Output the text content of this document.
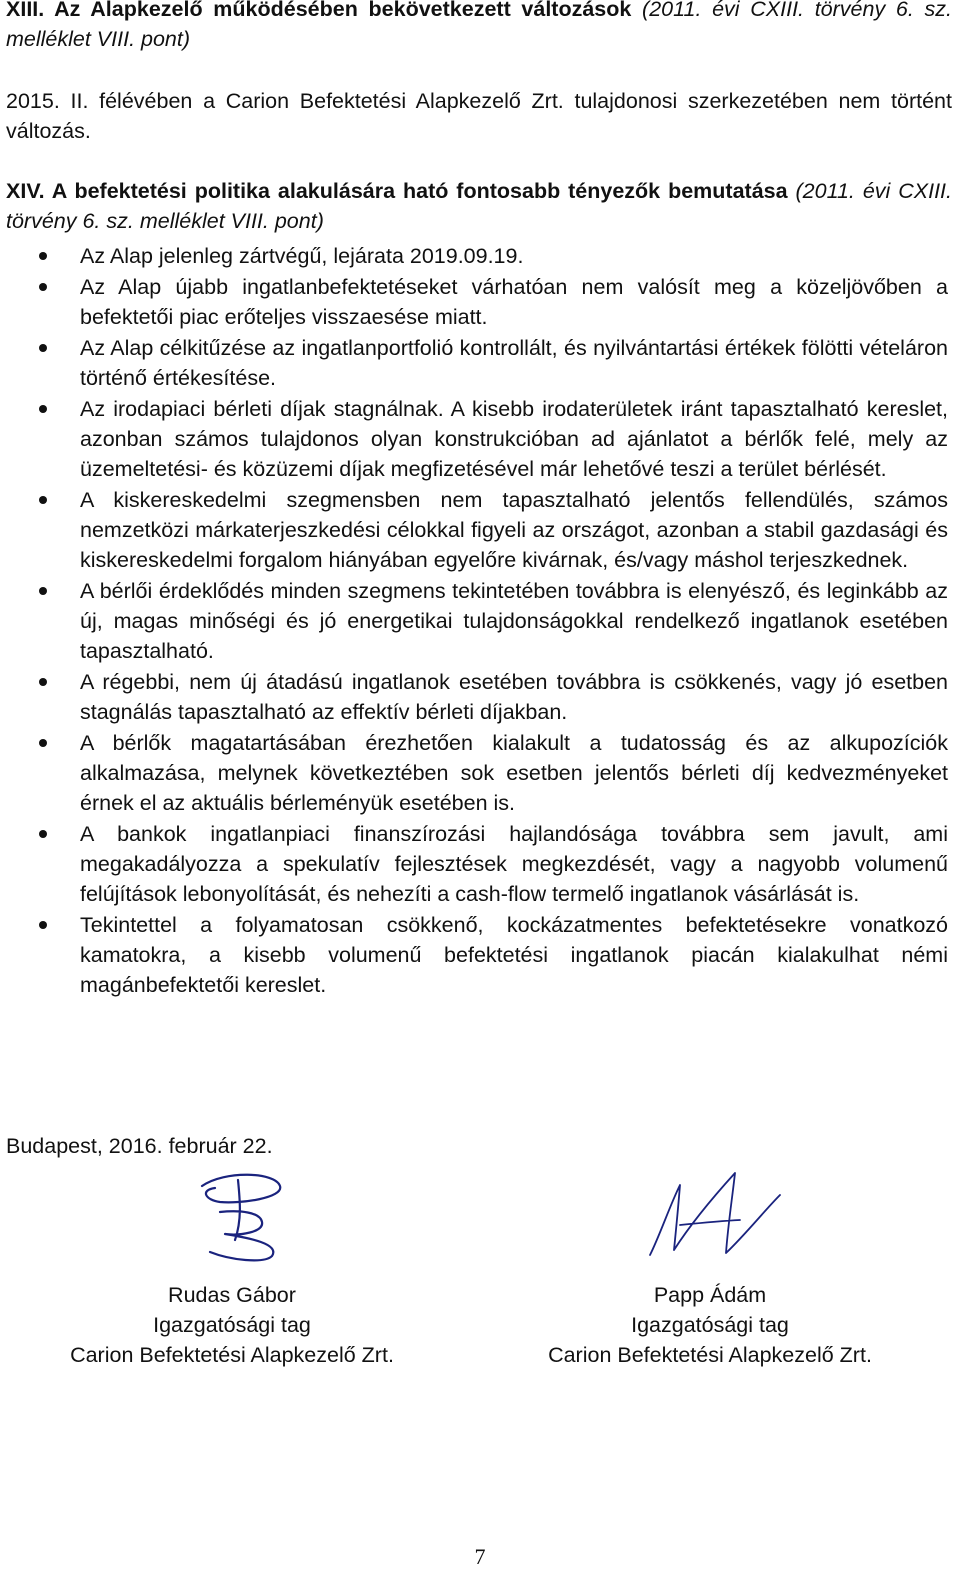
XIII. Az Alapkezelő működésében bekövetkezett változások (2011. évi CXIII. törvény 6. sz. melléklet VIII. pont)

2015. II. félévében a Carion Befektetési Alapkezelő Zrt. tulajdonosi szerkezetében nem történt változás.

XIV. A befektetési politika alakulására ható fontosabb tényezők bemutatása (2011. évi CXIII. törvény 6. sz. melléklet VIII. pont)

Az Alap jelenleg zártvégű, lejárata 2019.09.19.
Az Alap újabb ingatlanbefektetéseket várhatóan nem valósít meg a közeljövőben a befektetői piac erőteljes visszaesése miatt.
Az Alap célkitűzése az ingatlanportfolió kontrollált, és nyilvántartási értékek fölötti vételáron történő értékesítése.
Az irodapiaci bérleti díjak stagnálnak. A kisebb irodaterületek iránt tapasztalható kereslet, azonban számos tulajdonos olyan konstrukcióban ad ajánlatot a bérlők felé, mely az üzemeltetési- és közüzemi díjak megfizetésével már lehetővé teszi a terület bérlését.
A kiskereskedelmi szegmensben nem tapasztalható jelentős fellendülés, számos nemzetközi márkaterjeszkedési célokkal figyeli az országot, azonban a stabil gazdasági és kiskereskedelmi forgalom hiányában egyelőre kivárnak, és/vagy máshol terjeszkednek.
A bérlői érdeklődés minden szegmens tekintetében továbbra is elenyésző, és leginkább az új, magas minőségi és jó energetikai tulajdonságokkal rendelkező ingatlanok esetében tapasztalható.
A régebbi, nem új átadású ingatlanok esetében továbbra is csökkenés, vagy jó esetben stagnálás tapasztalható az effektív bérleti díjakban.
A bérlők magatartásában érezhetően kialakult a tudatosság és az alkupozíciók alkalmazása, melynek következtében sok esetben jelentős bérleti díj kedvezményeket érnek el az aktuális bérleményük esetében is.
A bankok ingatlanpiaci finanszírozási hajlandósága továbbra sem javult, ami megakadályozza a spekulatív fejlesztések megkezdését, vagy a nagyobb volumenű felújítások lebonyolítását, és nehezíti a cash-flow termelő ingatlanok vásárlását is.
Tekintettel a folyamatosan csökkenő, kockázatmentes befektetésekre vonatkozó kamatokra, a kisebb volumenű befektetési ingatlanok piacán kialakulhat némi magánbefektetői kereslet.

Budapest, 2016. február 22.

Rudas Gábor
Igazgatósági tag
Carion Befektetési Alapkezelő Zrt.
Papp Ádám
Igazgatósági tag
Carion Befektetési Alapkezelő Zrt.
7
